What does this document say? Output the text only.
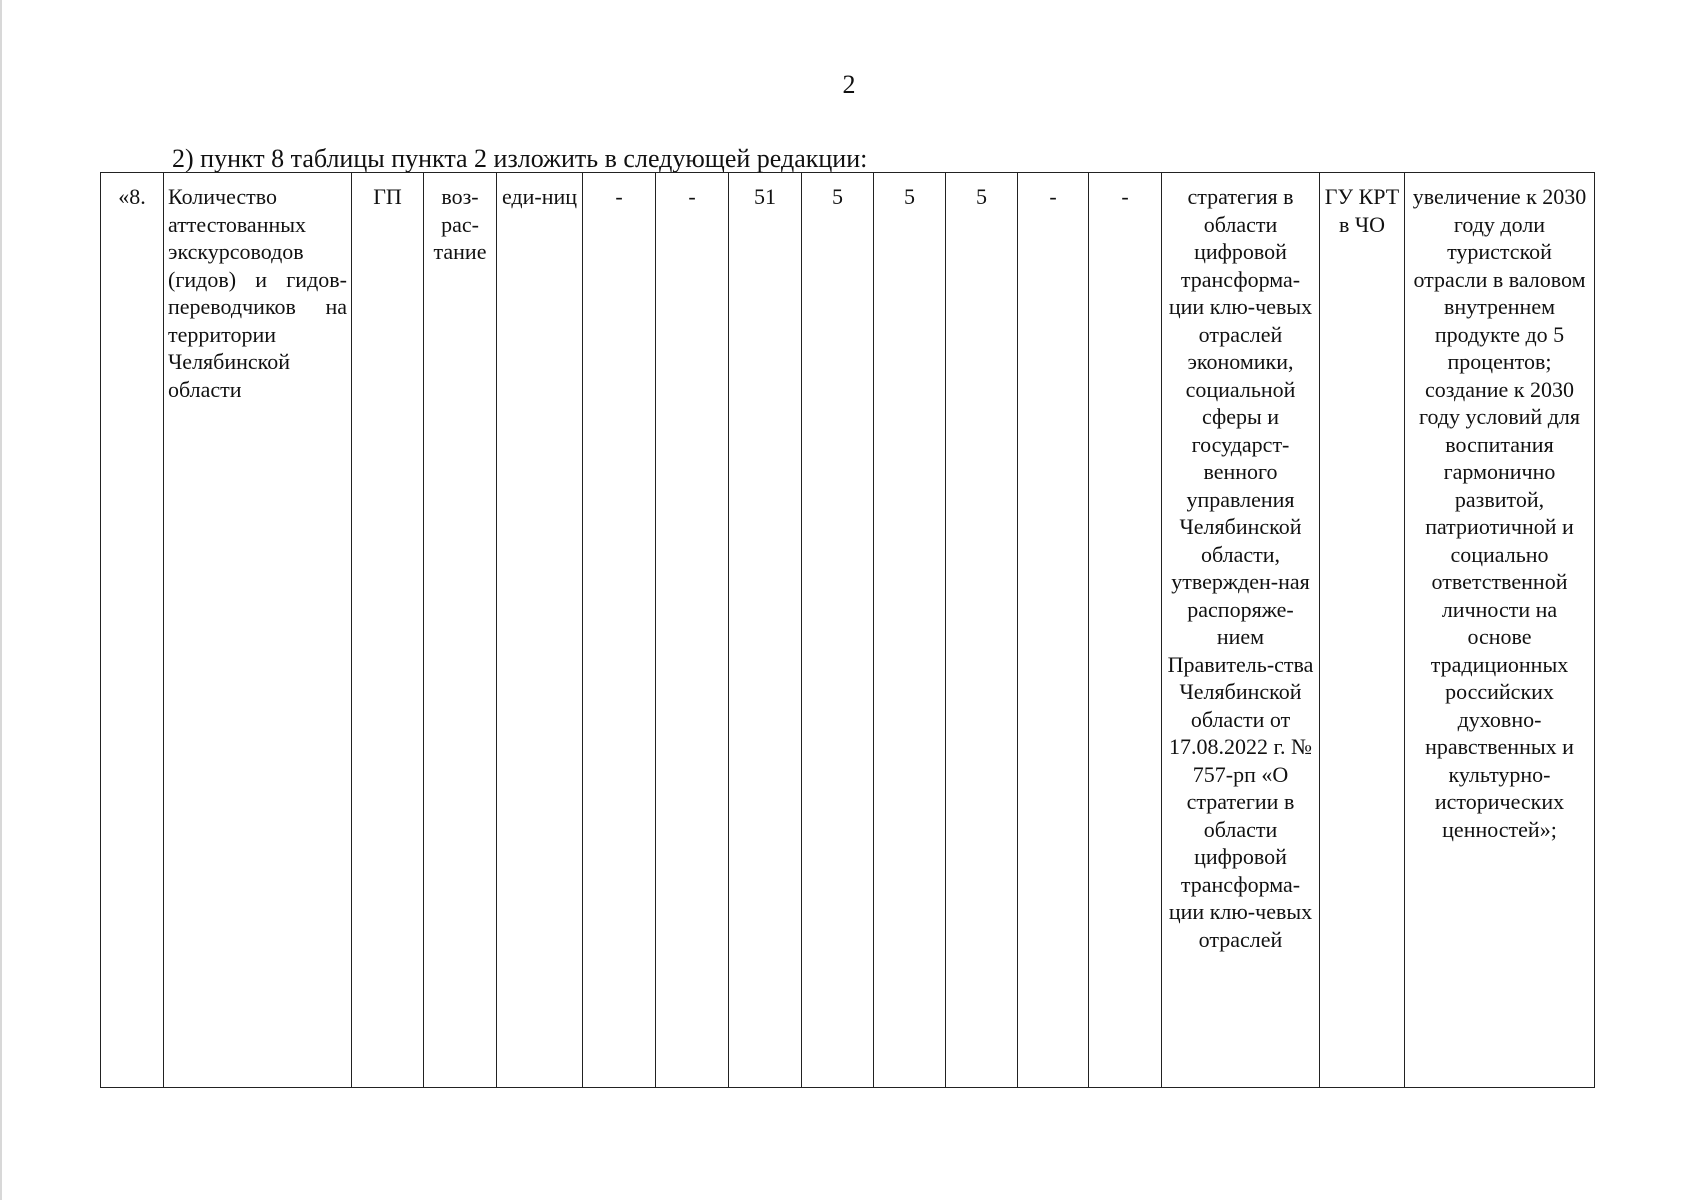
2
2) пункт 8 таблицы пункта 2 изложить в следующей редакции:
«8.	Количество аттестованных экскурсоводов (гидов) и гидов-переводчиков на территории Челябинской области	ГП	воз-рас-тание	еди-ниц	-	-	51	5	5	5	-	-	стратегия в области цифровой трансформа-ции клю-чевых отраслей экономики, социальной сферы и государст-венного управления Челябинской области, утвержден-ная распоряже-нием Правитель-ства Челябинской области от 17.08.2022 г. № 757-рп «О стратегии в области цифровой трансформа-ции клю-чевых отраслей	ГУ КРТ в ЧО	увеличение к 2030 году доли туристской отрасли в валовом внутреннем продукте до 5 процентов; создание к 2030 году условий для воспитания гармонично развитой, патриотичной и социально ответственной личности на основе традиционных российских духовно-нравственных и культурно-исторических ценностей»;
